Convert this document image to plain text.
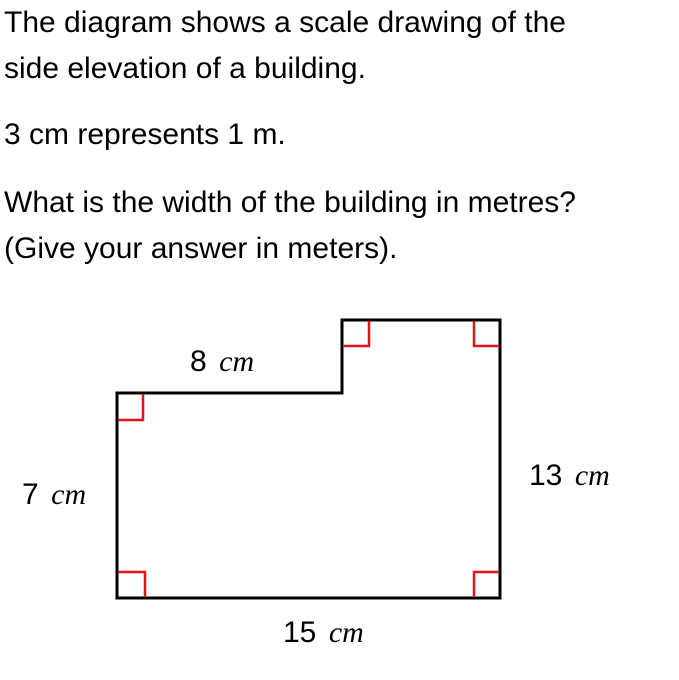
The diagram shows a scale drawing of the
side elevation of a building.
3 cm represents 1 m.
What is the width of the building in metres?
(Give your answer in meters).
8 cm
7 cm
13 cm
15 cm
